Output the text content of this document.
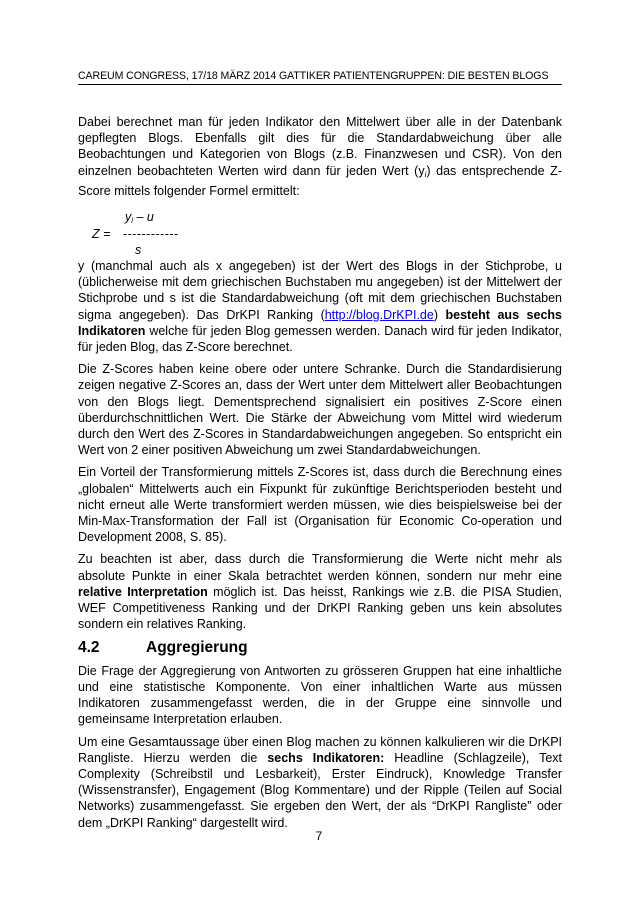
CAREUM CONGRESS, 17/18 MÄRZ 2014 GATTIKER PATIENTENGRUPPEN: DIE BESTEN BLOGS

Dabei berechnet man für jeden Indikator den Mittelwert über alle in der Datenbank gepflegten Blogs. Ebenfalls gilt dies für die Standardabweichung über alle Beobachtungen und Kategorien von Blogs (z.B. Finanzwesen und CSR). Von den einzelnen beobachteten Werten wird dann für jeden Wert $(y_i)$ das entsprechende Z-Score mittels folgender Formel ermittelt:

$y_i$ – u
Z = - - - - - - - - - - - -
s

y (manchmal auch als x angegeben) ist der Wert des Blogs in der Stichprobe, u (üblicherweise mit dem griechischen Buchstaben mu angegeben) ist der Mittelwert der Stichprobe und s ist die Standardabweichung (oft mit dem griechischen Buchstaben sigma angegeben). Das DrKPI Ranking (http://blog.DrKPI.de) besteht aus sechs Indikatoren welche für jeden Blog gemessen werden. Danach wird für jeden Indikator, für jeden Blog, das Z-Score berechnet.

Die Z-Scores haben keine obere oder untere Schranke. Durch die Standardisierung zeigen negative Z-Scores an, dass der Wert unter dem Mittelwert aller Beobachtungen von den Blogs liegt. Dementsprechend signalisiert ein positives Z-Score einen überdurchschnittlichen Wert. Die Stärke der Abweichung vom Mittel wird wiederum durch den Wert des Z-Scores in Standardabweichungen angegeben. So entspricht ein Wert von 2 einer positiven Abweichung um zwei Standardabweichungen.

Ein Vorteil der Transformierung mittels Z-Scores ist, dass durch die Berechnung eines „globalen“ Mittelwerts auch ein Fixpunkt für zukünftige Berichtsperioden besteht und nicht erneut alle Werte transformiert werden müssen, wie dies beispielsweise bei der Min-Max-Transformation der Fall ist (Organisation für Economic Co-operation und Development 2008, S. 85).

Zu beachten ist aber, dass durch die Transformierung die Werte nicht mehr als absolute Punkte in einer Skala betrachtet werden können, sondern nur mehr eine relative Interpretation möglich ist. Das heisst, Rankings wie z.B. die PISA Studien, WEF Competitiveness Ranking und der DrKPI Ranking geben uns kein absolutes sondern ein relatives Ranking.

4.2	Aggregierung

Die Frage der Aggregierung von Antworten zu grösseren Gruppen hat eine inhaltliche und eine statistische Komponente. Von einer inhaltlichen Warte aus müssen Indikatoren zusammengefasst werden, die in der Gruppe eine sinnvolle und gemeinsame Interpretation erlauben.

Um eine Gesamtaussage über einen Blog machen zu können kalkulieren wir die DrKPI Rangliste. Hierzu werden die sechs Indikatoren: Headline (Schlagzeile), Text Complexity (Schreibstil und Lesbarkeit), Erster Eindruck), Knowledge Transfer (Wissenstransfer), Engagement (Blog Kommentare) und der Ripple (Teilen auf Social Networks) zusammengefasst. Sie ergeben den Wert, der als “DrKPI Rangliste” oder dem „DrKPI Ranking“ dargestellt wird.

7
